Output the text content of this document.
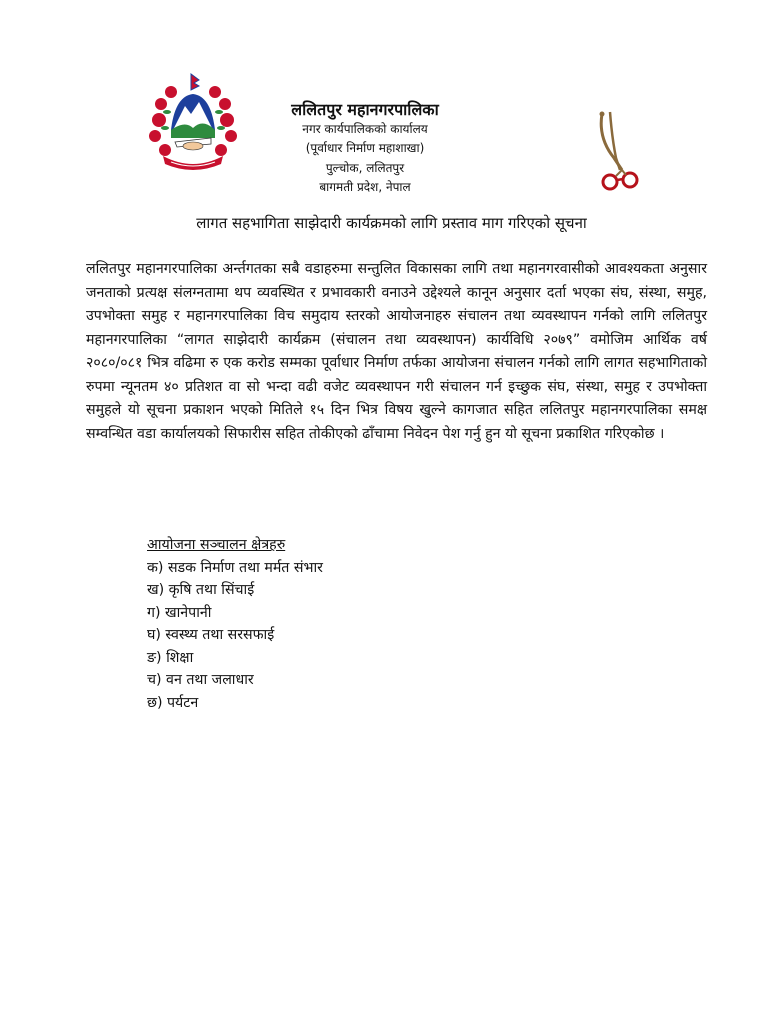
ललितपुर महानगरपालिका
नगर कार्यपालिकको कार्यालय
(पूर्वाधार निर्माण महाशाखा)
पुल्चोक, ललितपुर
बागमती प्रदेश, नेपाल
लागत सहभागिता साझेदारी कार्यक्रमको लागि प्रस्ताव माग गरिएको सूचना

ललितपुर महानगरपालिका अर्न्तगतका सबै वडाहरुमा सन्तुलित विकासका लागि तथा महानगरवासीको आवश्यकता अनुसार जनताको प्रत्यक्ष संलग्नतामा थप व्यवस्थित र प्रभावकारी वनाउने उद्देश्यले कानून अनुसार दर्ता भएका संघ, संस्था, समुह, उपभोक्ता समुह र महानगरपालिका विच समुदाय स्तरको आयोजनाहरु संचालन तथा व्यवस्थापन गर्नको लागि ललितपुर महानगरपालिका “लागत साझेदारी कार्यक्रम (संचालन तथा व्यवस्थापन) कार्यविधि २०७९” वमोजिम आर्थिक वर्ष २०८०/०८१ भित्र वढिमा रु एक करोड सम्मका पूर्वाधार निर्माण तर्फका आयोजना संचालन गर्नको लागि लागत सहभागिताको रुपमा न्यूनतम ४० प्रतिशत वा सो भन्दा वढी वजेट व्यवस्थापन गरी संचालन गर्न इच्छुक संघ, संस्था, समुह र उपभोक्ता समुहले यो सूचना प्रकाशन भएको मितिले १५ दिन भित्र विषय खुल्ने कागजात सहित ललितपुर महानगरपालिका समक्ष सम्वन्धित वडा कार्यालयको सिफारीस सहित तोकीएको ढाँचामा निवेदन पेश गर्नु हुन यो सूचना प्रकाशित गरिएकोछ ।

आयोजना सञ्चालन क्षेत्रहरु
क) सडक निर्माण तथा मर्मत संभार
ख) कृषि तथा सिंचाई
ग) खानेपानी
घ) स्वस्थ्य तथा सरसफाई
ङ) शिक्षा
च) वन तथा जलाधार
छ) पर्यटन
